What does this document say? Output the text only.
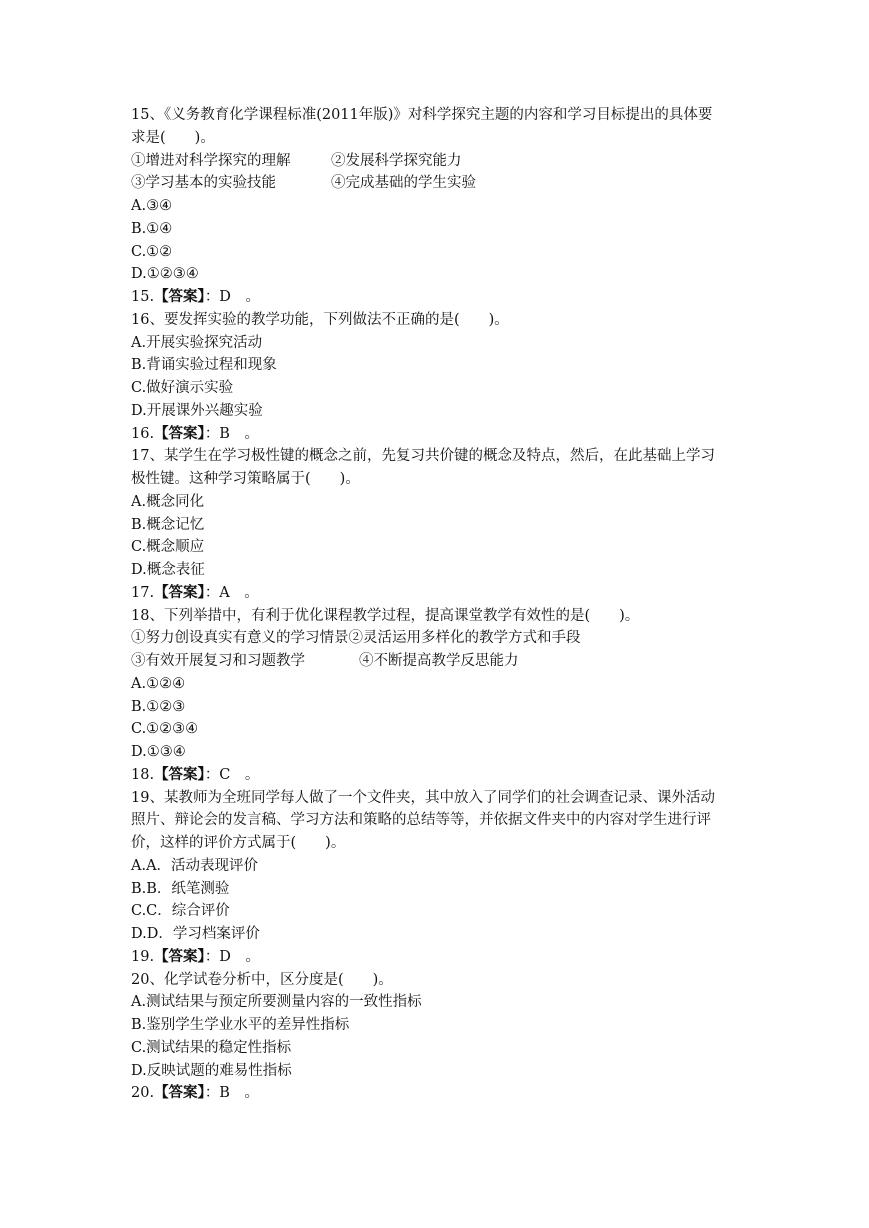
15、《义务教育化学课程标准(2011年版)》对科学探究主题的内容和学习目标提出的具体要
求是(　　)。
①增进对科学探究的理解	②发展科学探究能力
③学习基本的实验技能	④完成基础的学生实验
A.③④
B.①④
C.①②
D.①②③④
15.【答案】：D　。
16、要发挥实验的教学功能，下列做法不正确的是(　　)。
A.开展实验探究活动
B.背诵实验过程和现象
C.做好演示实验
D.开展课外兴趣实验
16.【答案】：B　。
17、某学生在学习极性键的概念之前，先复习共价键的概念及特点，然后，在此基础上学习
极性键。这种学习策略属于(　　)。
A.概念同化
B.概念记忆
C.概念顺应
D.概念表征
17.【答案】：A　。
18、下列举措中，有利于优化课程教学过程，提高课堂教学有效性的是(　　)。
①努力创设真实有意义的学习情景②灵活运用多样化的教学方式和手段
③有效开展复习和习题教学	④不断提高教学反思能力
A.①②④
B.①②③
C.①②③④
D.①③④
18.【答案】：C　。
19、某教师为全班同学每人做了一个文件夹，其中放入了同学们的社会调查记录、课外活动
照片、辩论会的发言稿、学习方法和策略的总结等等，并依据文件夹中的内容对学生进行评
价，这样的评价方式属于(　　)。
A.A．活动表现评价
B.B．纸笔测验
C.C．综合评价
D.D．学习档案评价
19.【答案】：D　。
20、化学试卷分析中，区分度是(　　)。
A.测试结果与预定所要测量内容的一致性指标
B.鉴别学生学业水平的差异性指标
C.测试结果的稳定性指标
D.反映试题的难易性指标
20.【答案】：B　。
